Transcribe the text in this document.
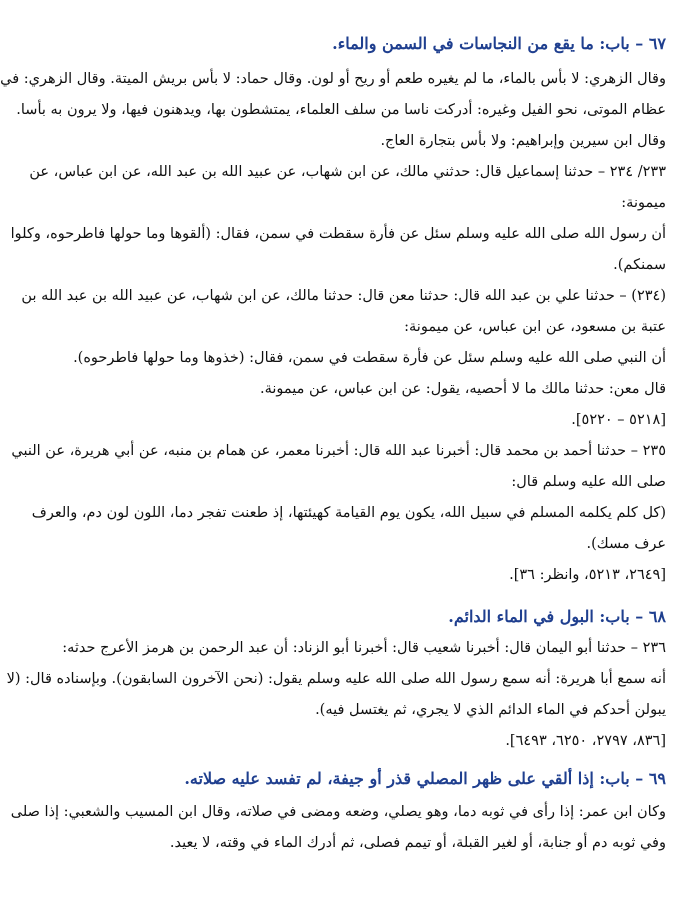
٦٧ – باب: ما يقع من النجاسات في السمن والماء.
وقال الزهري: لا بأس بالماء، ما لم يغيره طعم أو ريح أو لون. وقال حماد: لا بأس بريش الميتة. وقال الزهري: في
عظام الموتى، نحو الفيل وغيره: أدركت ناسا من سلف العلماء، يمتشطون بها، ويدهنون فيها، ولا يرون به بأسا.
وقال ابن سيرين وإبراهيم: ولا بأس بتجارة العاج.
٢٣٣/ ٢٣٤ – حدثنا إسماعيل قال: حدثني مالك، عن ابن شهاب، عن عبيد الله بن عبد الله، عن ابن عباس، عن
ميمونة:
أن رسول الله صلى الله عليه وسلم سئل عن فأرة سقطت في سمن، فقال: (ألقوها وما حولها فاطرحوه، وكلوا
سمنكم).
(٢٣٤) – حدثنا علي بن عبد الله قال: حدثنا معن قال: حدثنا مالك، عن ابن شهاب، عن عبيد الله بن عبد الله بن
عتبة بن مسعود، عن ابن عباس، عن ميمونة:
أن النبي صلى الله عليه وسلم سئل عن فأرة سقطت في سمن، فقال: (خذوها وما حولها فاطرحوه).
قال معن: حدثنا مالك ما لا أحصيه، يقول: عن ابن عباس، عن ميمونة.
[٥٢١٨ – ٥٢٢٠].
٢٣٥ – حدثنا أحمد بن محمد قال: أخبرنا عبد الله قال: أخبرنا معمر، عن همام بن منبه، عن أبي هريرة، عن النبي
صلى الله عليه وسلم قال:
(كل كلم يكلمه المسلم في سبيل الله، يكون يوم القيامة كهيئتها، إذ طعنت تفجر دما، اللون لون دم، والعرف
عرف مسك).
[٢٦٤٩، ٥٢١٣، وانظر: ٣٦].
٦٨ – باب: البول في الماء الدائم.
٢٣٦ – حدثنا أبو اليمان قال: أخبرنا شعيب قال: أخبرنا أبو الزناد: أن عبد الرحمن بن هرمز الأعرج حدثه:
أنه سمع أبا هريرة: أنه سمع رسول الله صلى الله عليه وسلم يقول: (نحن الآخرون السابقون). وبإسناده قال: (لا
يبولن أحدكم في الماء الدائم الذي لا يجري، ثم يغتسل فيه).
[٨٣٦، ٢٧٩٧، ٦٢٥٠، ٦٤٩٣].
٦٩ – باب: إذا ألقي على ظهر المصلي قذر أو جيفة، لم تفسد عليه صلاته.
وكان ابن عمر: إذا رأى في ثوبه دما، وهو يصلي، وضعه ومضى في صلاته، وقال ابن المسيب والشعبي: إذا صلى
وفي ثوبه دم أو جنابة، أو لغير القبلة، أو تيمم فصلى، ثم أدرك الماء في وقته، لا يعيد.
